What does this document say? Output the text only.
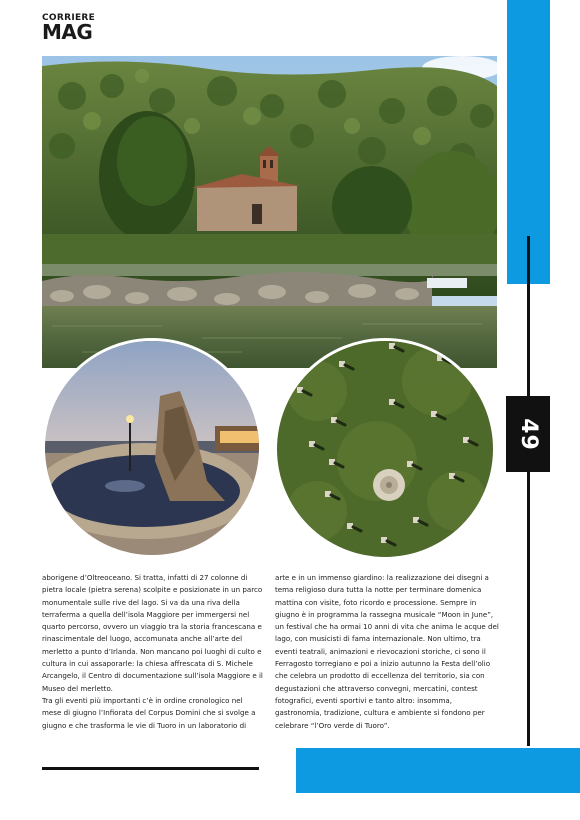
CORRIERE
MAG
49

aborigene d’Oltreoceano. Si tratta, infatti di 27 colonne di pietra locale (pietra serena) scolpite e posizionate in un parco monumentale sulle rive del lago. Si va da una riva della terraferma a quella dell’isola Maggiore per immergersi nel quarto percorso, ovvero un viaggio tra la storia francescana e rinascimentale del luogo, accomunata anche all’arte del merletto a punto d’Irlanda. Non mancano poi luoghi di culto e cultura in cui assaporarle: la chiesa affrescata di S. Michele Arcangelo, il Centro di documentazione sull’isola Maggiore e il Museo del merletto.

Tra gli eventi più importanti c’è in ordine cronologico nel mese di giugno l’Infiorata del Corpus Domini che si svolge a giugno e che trasforma le vie di Tuoro in un laboratorio di

arte e in un immenso giardino: la realizzazione dei disegni a tema religioso dura tutta la notte per terminare domenica mattina con visite, foto ricordo e processione. Sempre in giugno è in programma la rassegna musicale “Moon in June”, un festival che ha ormai 10 anni di vita che anima le acque del lago, con musicisti di fama internazionale. Non ultimo, tra eventi teatrali, animazioni e rievocazioni storiche, ci sono il Ferragosto torregiano e poi a inizio autunno la Festa dell’olio che celebra un prodotto di eccellenza del territorio, sia con degustazioni che attraverso convegni, mercatini, contest fotografici, eventi sportivi e tanto altro: insomma, gastronomia, tradizione, cultura e ambiente si fondono per celebrare “l’Oro verde di Tuoro”.
